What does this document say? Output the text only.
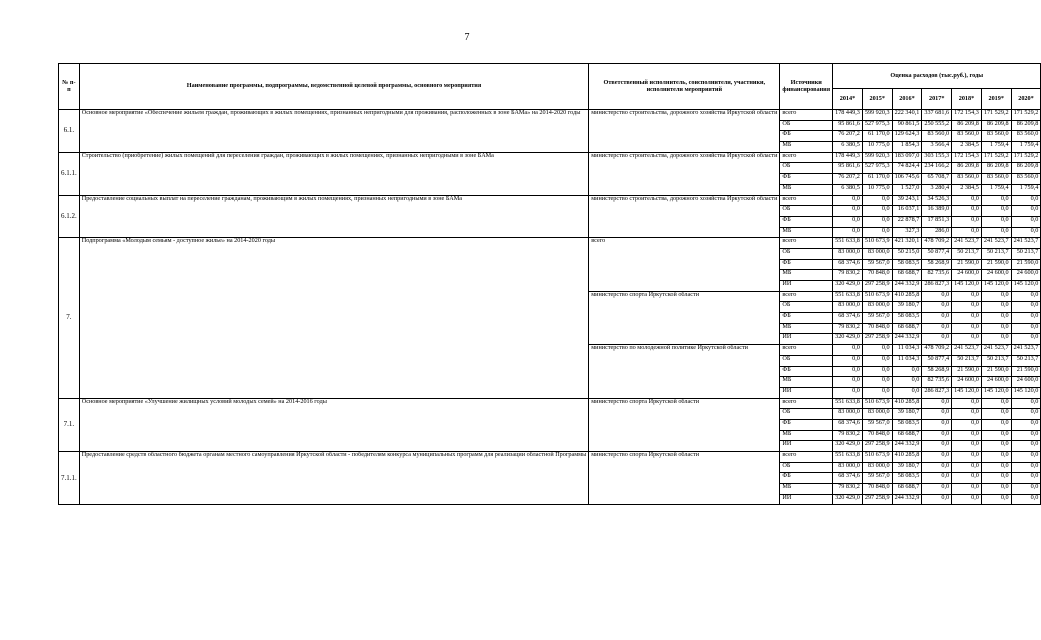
7
№ п-п	Наименование программы, подпрограммы, ведомственной целевой программы, основного мероприятия	Ответственный исполнитель, соисполнители, участники, исполнители мероприятий	Источники финансирования	Оценка расходов (тыс.руб.), годы						
				2014*	2015*	2016*	2017*	2018*	2019*	2020*
6.1.	Основное мероприятие «Обеспечение жильем граждан, проживающих в жилых помещениях, признанных непригодными для проживания, расположенных в зоне БАМа» на 2014-2020 годы	министерство строительства, дорожного хозяйства Иркутской области	всего	178 449,3	599 920,3	222 340,1	337 681,6	172 154,3	171 529,2	171 529,2
			ОБ	95 861,6	527 975,3	90 861,5	250 555,2	86 209,8	86 209,8	86 209,8
			ФБ	76 207,2	61 170,0	129 624,3	83 560,0	83 560,0	83 560,0	83 560,0
			МБ	6 380,5	10 775,0	1 854,3	3 566,4	2 384,5	1 759,4	1 759,4
6.1.1.	Строительство (приобретение) жилых помещений для переселения граждан, проживающих в жилых помещениях, признанных непригодными в зоне БАМа	министерство строительства, дорожного хозяйства Иркутской области	всего	178 449,3	599 920,3	183 097,0	303 155,3	172 154,3	171 529,2	171 529,2
			ОБ	95 861,6	527 975,3	74 824,4	234 166,2	86 209,8	86 209,8	86 209,8
			ФБ	76 207,2	61 170,0	106 745,6	65 708,7	83 560,0	83 560,0	83 560,0
			МБ	6 380,5	10 775,0	1 527,0	3 280,4	2 384,5	1 759,4	1 759,4
6.1.2.	Предоставление социальных выплат на переселение гражданам, проживающим в жилых помещениях, признанных непригодными в зоне БАМа	министерство строительства, дорожного хозяйства Иркутской области	всего	0,0	0,0	39 243,1	34 526,3	0,0	0,0	0,0
			ОБ	0,0	0,0	16 037,1	16 389,0	0,0	0,0	0,0
			ФБ	0,0	0,0	22 878,7	17 851,3	0,0	0,0	0,0
			МБ	0,0	0,0	327,3	286,0	0,0	0,0	0,0
7.	Подпрограмма «Молодым семьям - доступное жилье» на 2014-2020 годы	всего	всего	551 633,8	510 673,9	421 320,1	478 709,2	241 523,7	241 523,7	241 523,7
			ОБ	83 000,0	83 000,0	50 215,0	50 877,4	50 213,7	50 213,7	50 213,7
			ФБ	68 374,6	59 567,0	58 083,5	58 268,9	21 590,0	21 590,0	21 590,0
			МБ	79 830,2	70 848,0	68 688,7	82 735,6	24 600,0	24 600,0	24 600,0
			ИИ	320 429,0	297 258,9	244 332,9	286 827,3	145 120,0	145 120,0	145 120,0
		министерство спорта Иркутской области	всего	551 633,8	510 673,9	410 285,8	0,0	0,0	0,0	0,0
			ОБ	83 000,0	83 000,0	39 180,7	0,0	0,0	0,0	0,0
			ФБ	68 374,6	59 567,0	58 083,5	0,0	0,0	0,0	0,0
			МБ	79 830,2	70 848,0	68 688,7	0,0	0,0	0,0	0,0
			ИИ	320 429,0	297 258,9	244 332,9	0,0	0,0	0,0	0,0
		министерство по молодежной политике Иркутской области	всего	0,0	0,0	11 034,3	478 709,2	241 523,7	241 523,7	241 523,7
			ОБ	0,0	0,0	11 034,3	50 877,4	50 213,7	50 213,7	50 213,7
			ФБ	0,0	0,0	0,0	58 268,9	21 590,0	21 590,0	21 590,0
			МБ	0,0	0,0	0,0	82 735,6	24 600,0	24 600,0	24 600,0
			ИИ	0,0	0,0	0,0	286 827,3	145 120,0	145 120,0	145 120,0
7.1.	Основное мероприятие «Улучшение жилищных условий молодых семей» на 2014-2016 годы	министерство спорта Иркутской области	всего	551 633,8	510 673,9	410 285,8	0,0	0,0	0,0	0,0
			ОБ	83 000,0	83 000,0	39 180,7	0,0	0,0	0,0	0,0
			ФБ	68 374,6	59 567,0	58 083,5	0,0	0,0	0,0	0,0
			МБ	79 830,2	70 848,0	68 688,7	0,0	0,0	0,0	0,0
			ИИ	320 429,0	297 258,9	244 332,9	0,0	0,0	0,0	0,0
7.1.1.	Предоставление средств областного бюджета органам местного самоуправления Иркутской области - победителям конкурса муниципальных программ для реализации областной Программы	министерство спорта Иркутской области	всего	551 633,8	510 673,9	410 285,8	0,0	0,0	0,0	0,0
			ОБ	83 000,0	83 000,0	39 180,7	0,0	0,0	0,0	0,0
			ФБ	68 374,6	59 567,0	58 083,5	0,0	0,0	0,0	0,0
			МБ	79 830,2	70 848,0	68 688,7	0,0	0,0	0,0	0,0
			ИИ	320 429,0	297 258,9	244 332,9	0,0	0,0	0,0	0,0
